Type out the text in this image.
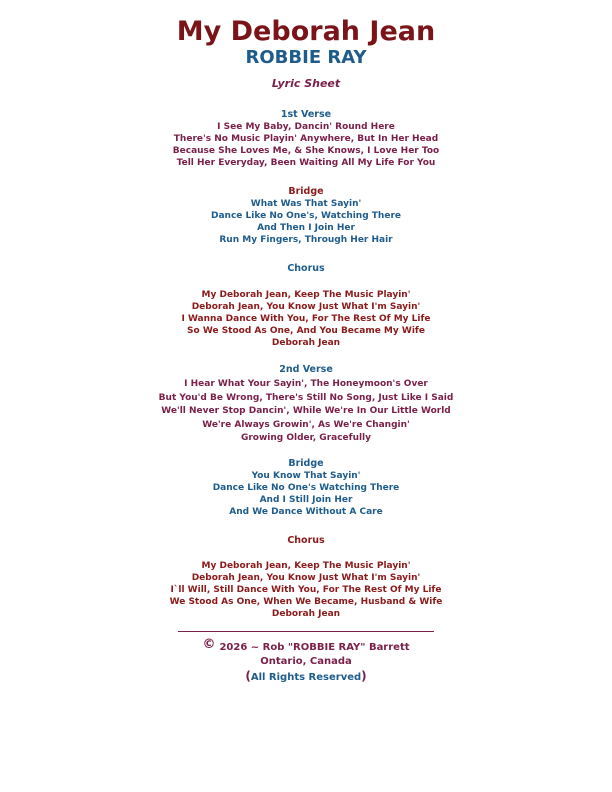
My Deborah Jean
ROBBIE RAY
Lyric Sheet
1st Verse
I See My Baby, Dancin' Round Here
There's No Music Playin' Anywhere, But In Her Head
Because She Loves Me, & She Knows, I Love Her Too
Tell Her Everyday, Been Waiting All My Life For You
Bridge
What Was That Sayin'
Dance Like No One's, Watching There
And Then I Join Her
Run My Fingers, Through Her Hair
Chorus
My Deborah Jean, Keep The Music Playin'
Deborah Jean, You Know Just What I'm Sayin'
I Wanna Dance With You, For The Rest Of My Life
So We Stood As One, And You Became My Wife
Deborah Jean
2nd Verse
I Hear What Your Sayin', The Honeymoon's Over
But You'd Be Wrong, There's Still No Song, Just Like I Said
We'll Never Stop Dancin', While We're In Our Little World
We're Always Growin', As We're Changin'
Growing Older, Gracefully
Bridge
You Know That Sayin'
Dance Like No One's Watching There
And I Still Join Her
And We Dance Without A Care
Chorus
My Deborah Jean, Keep The Music Playin'
Deborah Jean, You Know Just What I'm Sayin'
I`ll Will, Still Dance With You, For The Rest Of My Life
We Stood As One, When We Became, Husband & Wife
Deborah Jean
© 2026 ~ Rob "ROBBIE RAY" Barrett
Ontario, Canada
(All Rights Reserved)
